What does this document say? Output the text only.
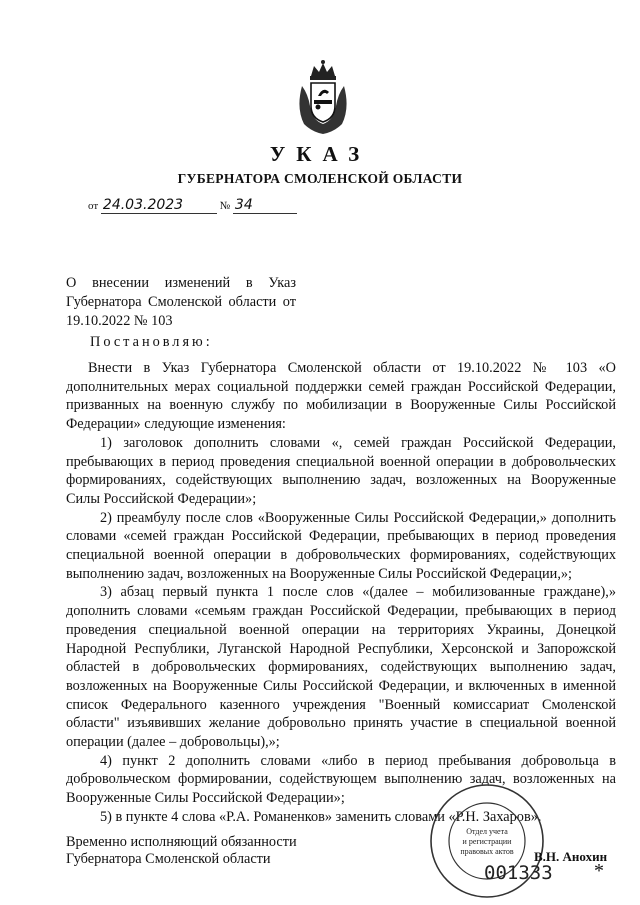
УКАЗ
ГУБЕРНАТОРА СМОЛЕНСКОЙ ОБЛАСТИ
от 24.03.2023	№ 34
О внесении изменений в Указ Губернатора Смоленской области от 19.10.2022 № 103
Постановляю:

Внести в Указ Губернатора Смоленской области от 19.10.2022 № 103 «О дополнительных мерах социальной поддержки семей граждан Российской Федерации, призванных на военную службу по мобилизации в Вооруженные Силы Российской Федерации» следующие изменения:

1) заголовок дополнить словами «, семей граждан Российской Федерации, пребывающих в период проведения специальной военной операции в добровольческих формированиях, содействующих выполнению задач, возложенных на Вооруженные Силы Российской Федерации»;

2) преамбулу после слов «Вооруженные Силы Российской Федерации,» дополнить словами «семей граждан Российской Федерации, пребывающих в период проведения специальной военной операции в добровольческих формированиях, содействующих выполнению задач, возложенных на Вооруженные Силы Российской Федерации,»;

3) абзац первый пункта 1 после слов «(далее – мобилизованные граждане),» дополнить словами «семьям граждан Российской Федерации, пребывающих в период проведения специальной военной операции на территориях Украины, Донецкой Народной Республики, Луганской Народной Республики, Херсонской и Запорожской областей в добровольческих формированиях, содействующих выполнению задач, возложенных на Вооруженные Силы Российской Федерации, и включенных в именной список Федерального казенного учреждения "Военный комиссариат Смоленской области" изъявивших желание добровольно принять участие в специальной военной операции (далее – добровольцы),»;

4) пункт 2 дополнить словами «либо в период пребывания добровольца в добровольческом формировании, содействующем выполнению задач, возложенных на Вооруженные Силы Российской Федерации»;

5) в пункте 4 слова «Р.А. Романенков» заменить словами «Р.Н. Захаров».

Временно исполняющий обязанности
Губернатора Смоленской области
Отдел учета
и регистрации
правовых актов В.Н. Анохин
001333 *
